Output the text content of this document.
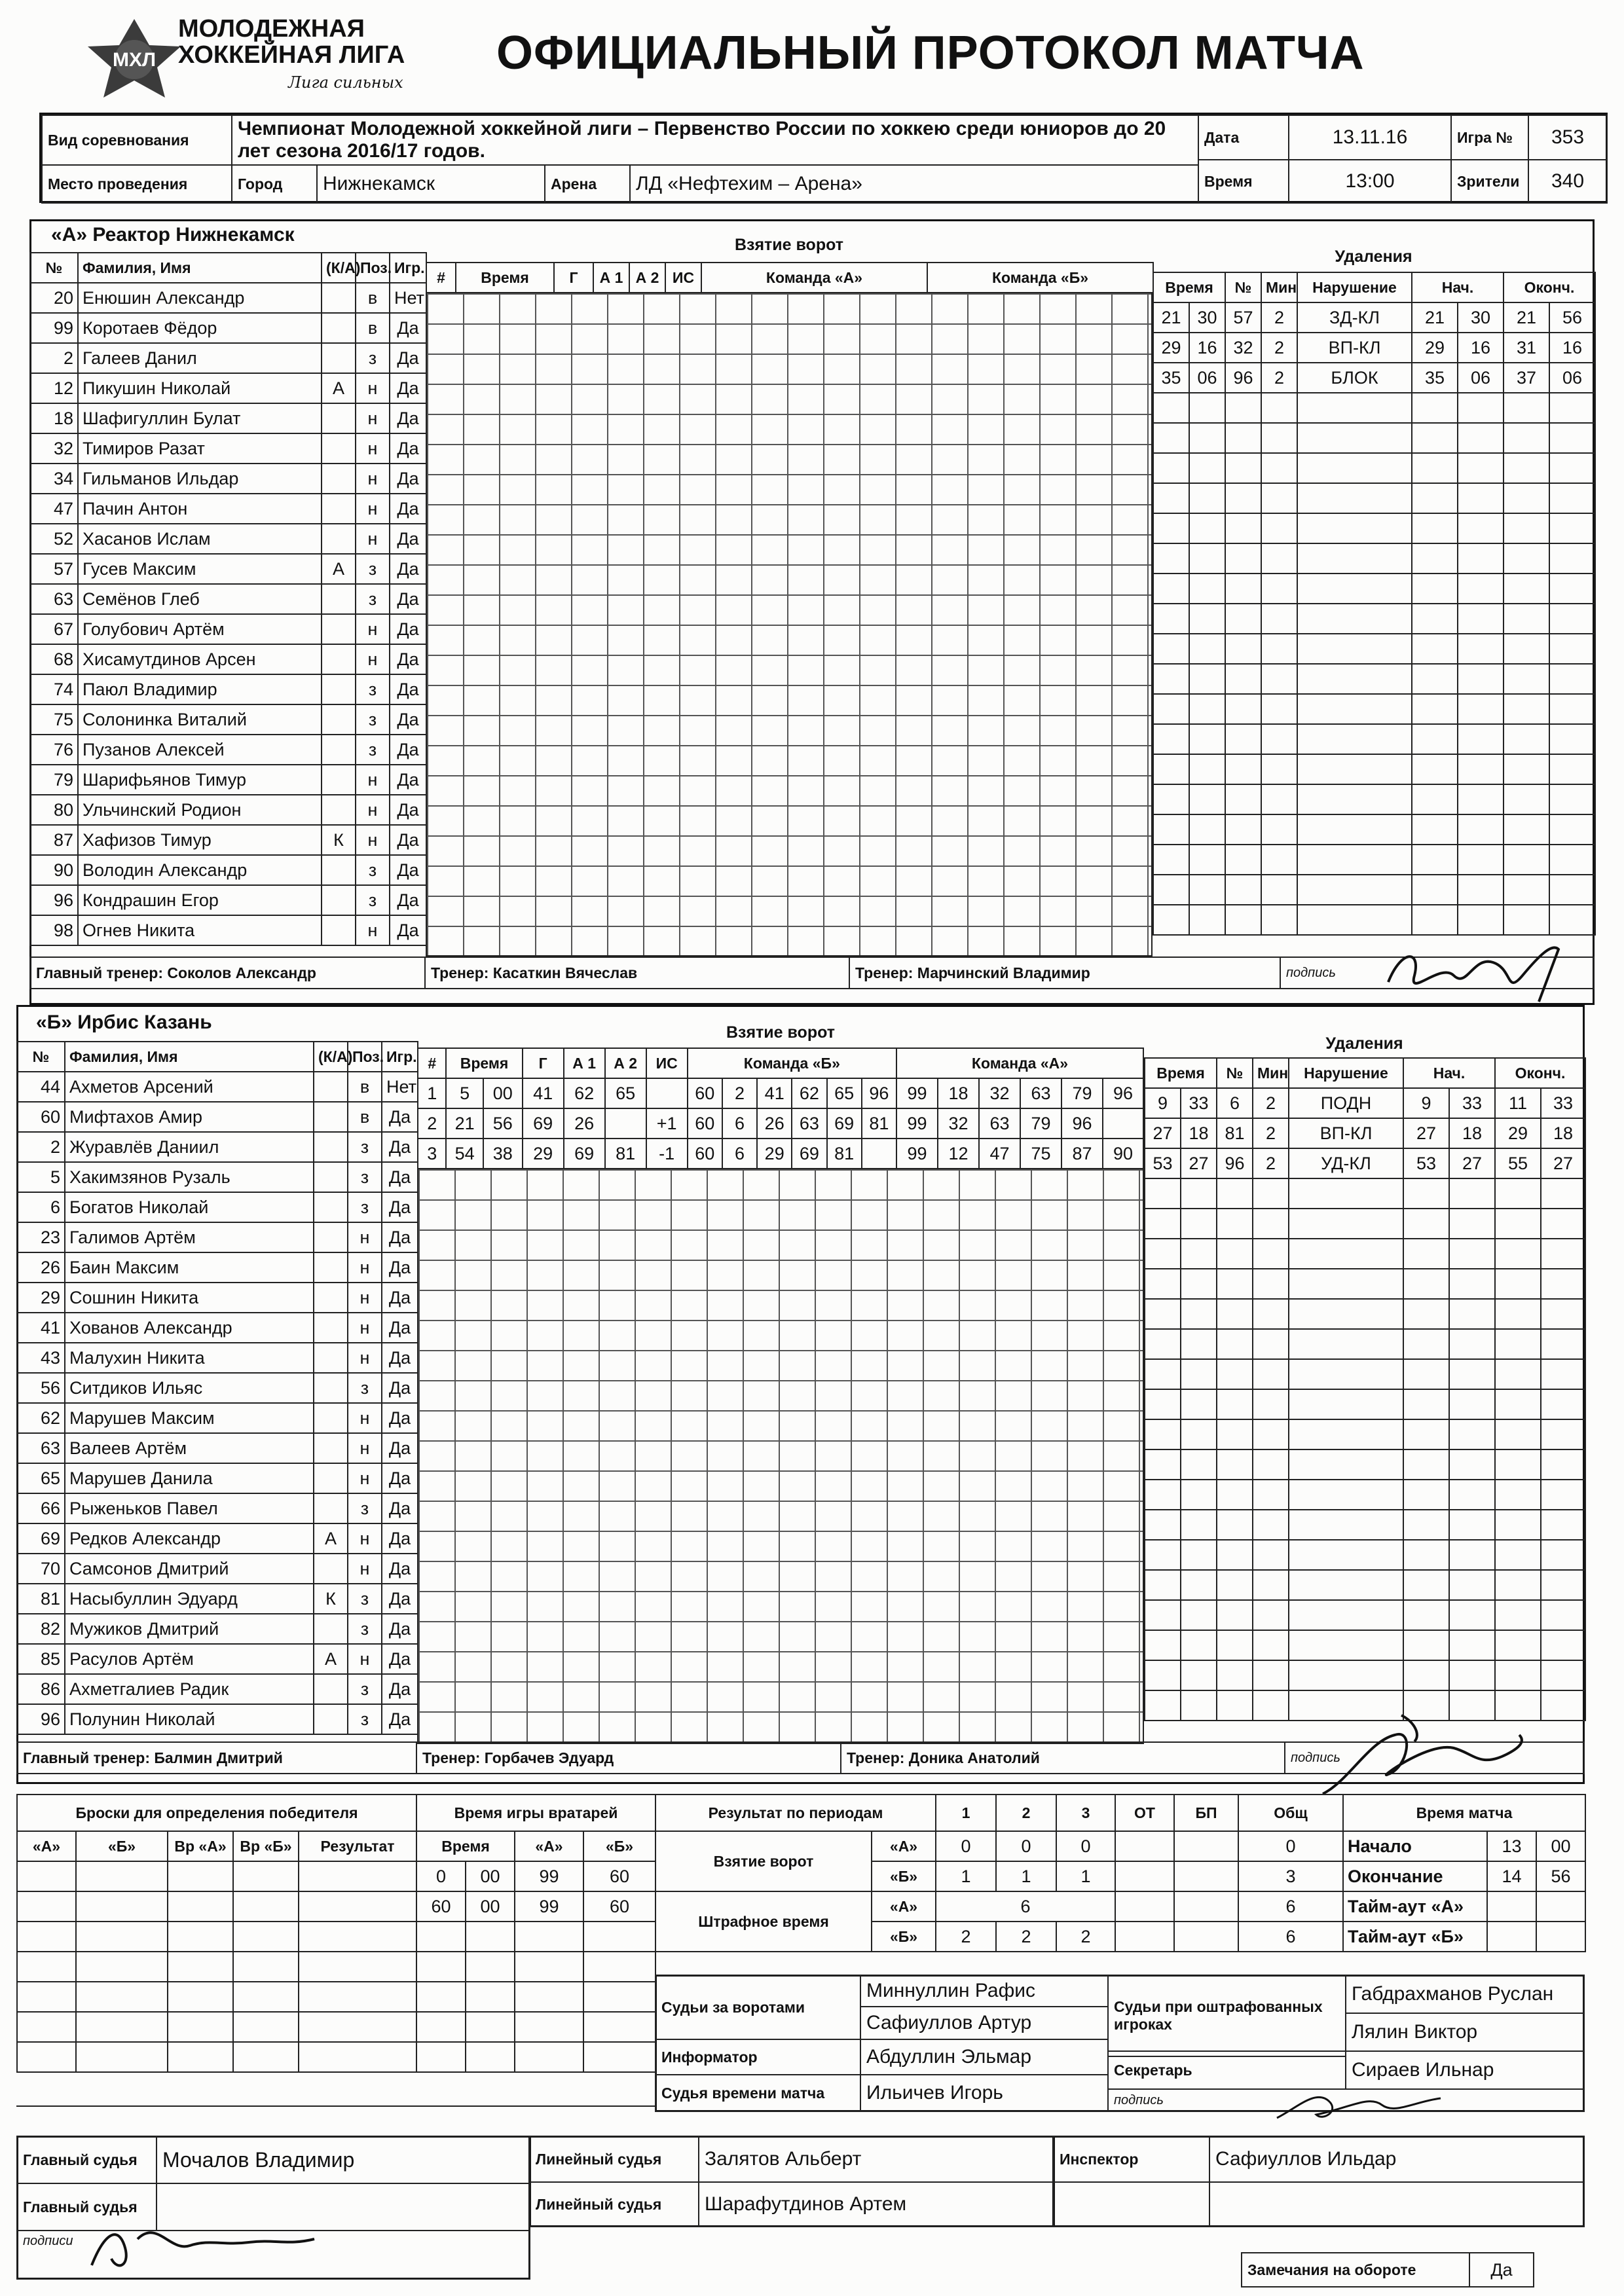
МХЛ
МОЛОДЕЖНАЯ
ХОККЕЙНАЯ ЛИГА
Лига сильных
ОФИЦИАЛЬНЫЙ ПРОТОКОЛ МАТЧА
Вид соревнования
Чемпионат Молодежной хоккейной лиги – Первенство России по хоккею среди юниоров до 20 лет сезона 2016/17 годов.
Место проведения	Город	Нижнекамск	Арена	ЛД «Нефтехим – Арена»
Дата	13.11.16
Время	13:00
Игра №	353
Зрители	340
«А» Реактор Нижнекамск
№	Фамилия, Имя	(К/А)	Поз.	Игр.
20	Енюшин Александр		в	Нет
99	Коротаев Фёдор		в	Да
2	Галеев Данил		з	Да
12	Пикушин Николай	А	н	Да
18	Шафигуллин Булат		н	Да
32	Тимиров Разат		н	Да
34	Гильманов Ильдар		н	Да
47	Пачин Антон		н	Да
52	Хасанов Ислам		н	Да
57	Гусев Максим	А	з	Да
63	Семёнов Глеб		з	Да
67	Голубович Артём		н	Да
68	Хисамутдинов Арсен		н	Да
74	Паюл Владимир		з	Да
75	Солонинка Виталий		з	Да
76	Пузанов Алексей		з	Да
79	Шарифьянов Тимур		н	Да
80	Ульчинский Родион		н	Да
87	Хафизов Тимур	К	н	Да
90	Володин Александр		з	Да
96	Кондрашин Егор		з	Да
98	Огнев Никита		н	Да
Взятие ворот
#	Время	Г	А 1	А 2	ИС	Команда «А»	Команда «Б»
Удаления
Время		№	Мин	Нарушение	Нач.		Оконч.	
21	30	57	2	ЗД-КЛ	21	30	21	56
29	16	32	2	ВП-КЛ	29	16	31	16
35	06	96	2	БЛОК	35	06	37	06

Главный тренер: Соколов Александр	Тренер: Касаткин Вячеслав	Тренер: Марчинский Владимир	подпись
«Б» Ирбис Казань
№	Фамилия, Имя	(К/А)	Поз.	Игр.
44	Ахметов Арсений		в	Нет
60	Мифтахов Амир		в	Да
2	Журавлёв Даниил		з	Да
5	Хакимзянов Рузаль		з	Да
6	Богатов Николай		з	Да
23	Галимов Артём		н	Да
26	Баин Максим		н	Да
29	Сошнин Никита		н	Да
41	Хованов Александр		н	Да
43	Малухин Никита		н	Да
56	Ситдиков Ильяс		з	Да
62	Марушев Максим		н	Да
63	Валеев Артём		н	Да
65	Марушев Данила		н	Да
66	Рыженьков Павел		з	Да
69	Редков Александр	А	н	Да
70	Самсонов Дмитрий		н	Да
81	Насыбуллин Эдуард	К	з	Да
82	Мужиков Дмитрий		з	Да
85	Расулов Артём	А	н	Да
86	Ахметгалиев Радик		з	Да
96	Полунин Николай		з	Да
Взятие ворот
#	Время		Г	А 1	А 2	ИС	Команда «Б»						Команда «А»					
1	5	00	41	62	65		60	2	41	62	65	96	99	18	32	63	79	96
2	21	56	69	26		+1	60	6	26	63	69	81	99	32	63	79	96	
3	54	38	29	69	81	-1	60	6	29	69	81		99	12	47	75	87	90
Удаления
Время		№	Мин	Нарушение	Нач.		Оконч.	
9	33	6	2	ПОДН	9	33	11	33
27	18	81	2	ВП-КЛ	27	18	29	18
53	27	96	2	УД-КЛ	53	27	55	27

Главный тренер: Балмин Дмитрий	Тренер: Горбачев Эдуард	Тренер: Доника Анатолий	подпись
Броски для определения победителя				
«А»	«Б»	Вр «А»	Вр «Б»	Результат

Время игры вратарей			
Время		«А»	«Б»
0	00	99	60
60	00	99	60

Результат по периодам		1	2	3	ОТ	БП	Общ
Взятие ворот	«А»	0	0	0			0
	«Б»	1	1	1			3
Штрафное время	«А»	6					6
	«Б»	2	2	2			6
Время матча		
Начало	13	00
Окончание	14	56
Тайм-аут «А»		
Тайм-аут «Б»		
Судьи за воротами
Миннуллин Рафис
Сафиуллов Артур
Информатор	Абдуллин Эльмар
Судья времени матча	Ильичев Игорь
Судьи при оштрафованных игроках
Габдрахманов Руслан
Лялин Виктор
Секретарь	Сираев Ильнар
подпись
Главный судья	Мочалов Владимир
Главный судья
подписи
Линейный судья	Залятов Альберт
Линейный судья	Шарафутдинов Артем
Инспектор	Сафиуллов Ильдар
Замечания на обороте	Да
